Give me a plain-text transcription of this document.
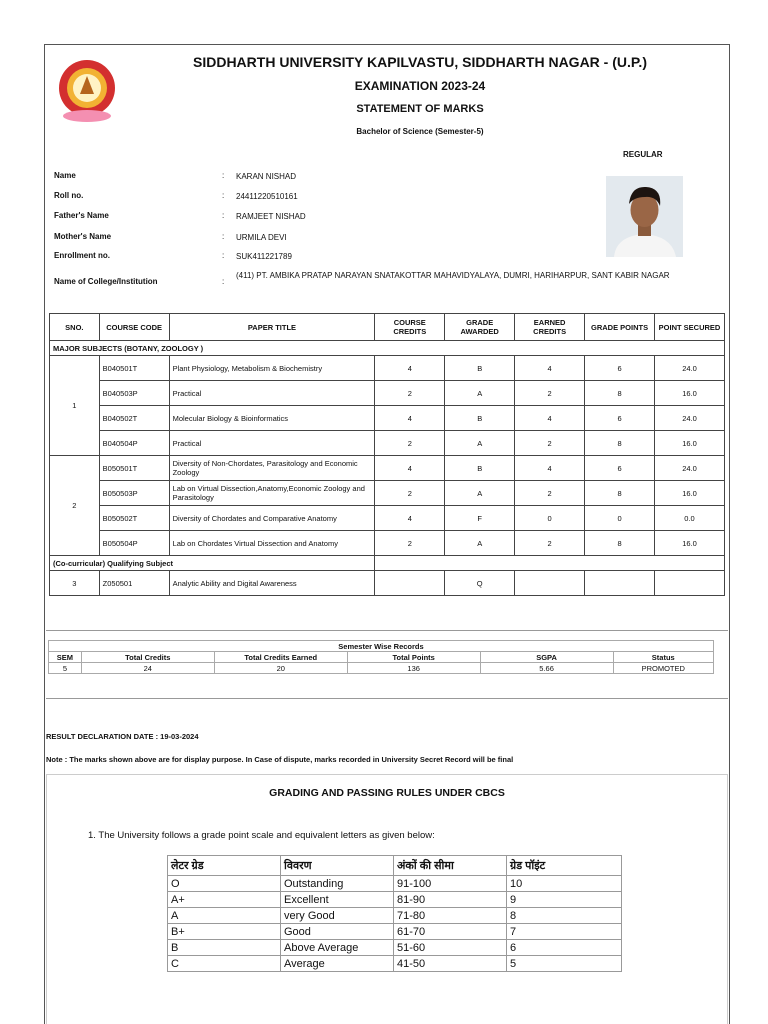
SIDDHARTH UNIVERSITY KAPILVASTU, SIDDHARTH NAGAR - (U.P.)
EXAMINATION 2023-24
STATEMENT OF MARKS
Bachelor of Science (Semester-5)
REGULAR
Name	: KARAN NISHAD
Roll no.	: 24411220510161
Father's Name	: RAMJEET NISHAD
Mother's Name	: URMILA DEVI
Enrollment no.	: SUK411221789
Name of College/Institution	:
(411) PT. AMBIKA PRATAP NARAYAN SNATAKOTTAR MAHAVIDYALAYA, DUMRI, HARIHARPUR, SANT KABIR NAGAR
SNO.	COURSE CODE	PAPER TITLE	COURSE CREDITS	GRADE AWARDED	EARNED CREDITS	GRADE POINTS	POINT SECURED
MAJOR SUBJECTS (BOTANY, ZOOLOGY )							
1	B040501T	Plant Physiology, Metabolism & Biochemistry	4	B	4	6	24.0
	B040503P	Practical	2	A	2	8	16.0
	B040502T	Molecular Biology & Bioinformatics	4	B	4	6	24.0
	B040504P	Practical	2	A	2	8	16.0
2	B050501T	Diversity of Non-Chordates, Parasitology and Economic Zoology	4	B	4	6	24.0
	B050503P	Lab on Virtual Dissection,Anatomy,Economic Zoology and Parasitology	2	A	2	8	16.0
	B050502T	Diversity of Chordates and Comparative Anatomy	4	F	0	0	0.0
	B050504P	Lab on Chordates Virtual Dissection and Anatomy	2	A	2	8	16.0
(Co-curricular) Qualifying Subject							
3	Z050501	Analytic Ability and Digital Awareness		Q			
Semester Wise Records					
SEM	Total Credits	Total Credits Earned	Total Points	SGPA	Status
5	24	20	136	5.66	PROMOTED
RESULT DECLARATION DATE : 19-03-2024
Note : The marks shown above are for display purpose. In Case of dispute, marks recorded in University Secret Record will be final
GRADING AND PASSING RULES UNDER CBCS
1. The University follows a grade point scale and equivalent letters as given below:
लेटर ग्रेड	विवरण	अंकों की सीमा	ग्रेड पॉइंट
O	Outstanding	91-100	10
A+	Excellent	81-90	9
A	very Good	71-80	8
B+	Good	61-70	7
B	Above Average	51-60	6
C	Average	41-50	5
